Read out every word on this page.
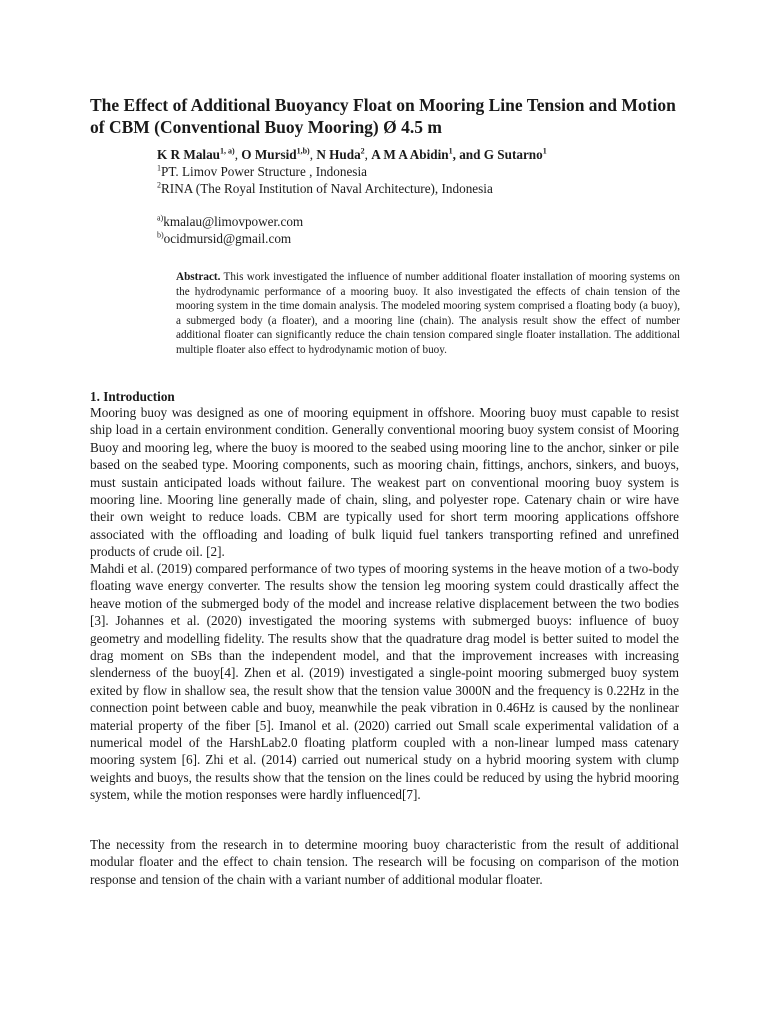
The Effect of Additional Buoyancy Float on Mooring Line Tension and Motion of CBM (Conventional Buoy Mooring) Ø 4.5 m
K R Malau$^{1, a)}$, O Mursid$^{1,b)}$, N Huda$^2$, A M A Abidin$^1$, and G Sutarno$^1$
$^1$PT. Limov Power Structure , Indonesia
$^2$RINA (The Royal Institution of Naval Architecture), Indonesia
$^{a)}$kmalau@limovpower.com
$^{b)}$ocidmursid@gmail.com

Abstract. This work investigated the influence of number additional floater installation of mooring systems on the hydrodynamic performance of a mooring buoy. It also investigated the effects of chain tension of the mooring system in the time domain analysis. The modeled mooring system comprised a floating body (a buoy), a submerged body (a floater), and a mooring line (chain). The analysis result show the effect of number additional floater can significantly reduce the chain tension compared single floater installation. The additional multiple floater also effect to hydrodynamic motion of buoy.

1. Introduction

Mooring buoy was designed as one of mooring equipment in offshore. Mooring buoy must capable to resist ship load in a certain environment condition. Generally conventional mooring buoy system consist of Mooring Buoy and mooring leg, where the buoy is moored to the seabed using mooring line to the anchor, sinker or pile based on the seabed type. Mooring components, such as mooring chain, fittings, anchors, sinkers, and buoys, must sustain anticipated loads without failure. The weakest part on conventional mooring buoy system is mooring line. Mooring line generally made of chain, sling, and polyester rope. Catenary chain or wire have their own weight to reduce loads. CBM are typically used for short term mooring applications offshore associated with the offloading and loading of bulk liquid fuel tankers transporting refined and unrefined products of crude oil. [2].

Mahdi et al. (2019) compared performance of two types of mooring systems in the heave motion of a two-body floating wave energy converter. The results show the tension leg mooring system could drastically affect the heave motion of the submerged body of the model and increase relative displacement between the two bodies [3]. Johannes et al. (2020) investigated the mooring systems with submerged buoys: influence of buoy geometry and modelling fidelity. The results show that the quadrature drag model is better suited to model the drag moment on SBs than the independent model, and that the improvement increases with increasing slenderness of the buoy[4]. Zhen et al. (2019) investigated a single-point mooring submerged buoy system exited by flow in shallow sea, the result show that the tension value 3000N and the frequency is 0.22Hz in the connection point between cable and buoy, meanwhile the peak vibration in 0.46Hz is caused by the nonlinear material property of the fiber [5]. Imanol et al. (2020) carried out Small scale experimental validation of a numerical model of the HarshLab2.0 floating platform coupled with a non-linear lumped mass catenary mooring system [6]. Zhi et al. (2014) carried out numerical study on a hybrid mooring system with clump weights and buoys, the results show that the tension on the lines could be reduced by using the hybrid mooring system, while the motion responses were hardly influenced[7].

The necessity from the research in to determine mooring buoy characteristic from the result of additional modular floater and the effect to chain tension. The research will be focusing on comparison of the motion response and tension of the chain with a variant number of additional modular floater.
